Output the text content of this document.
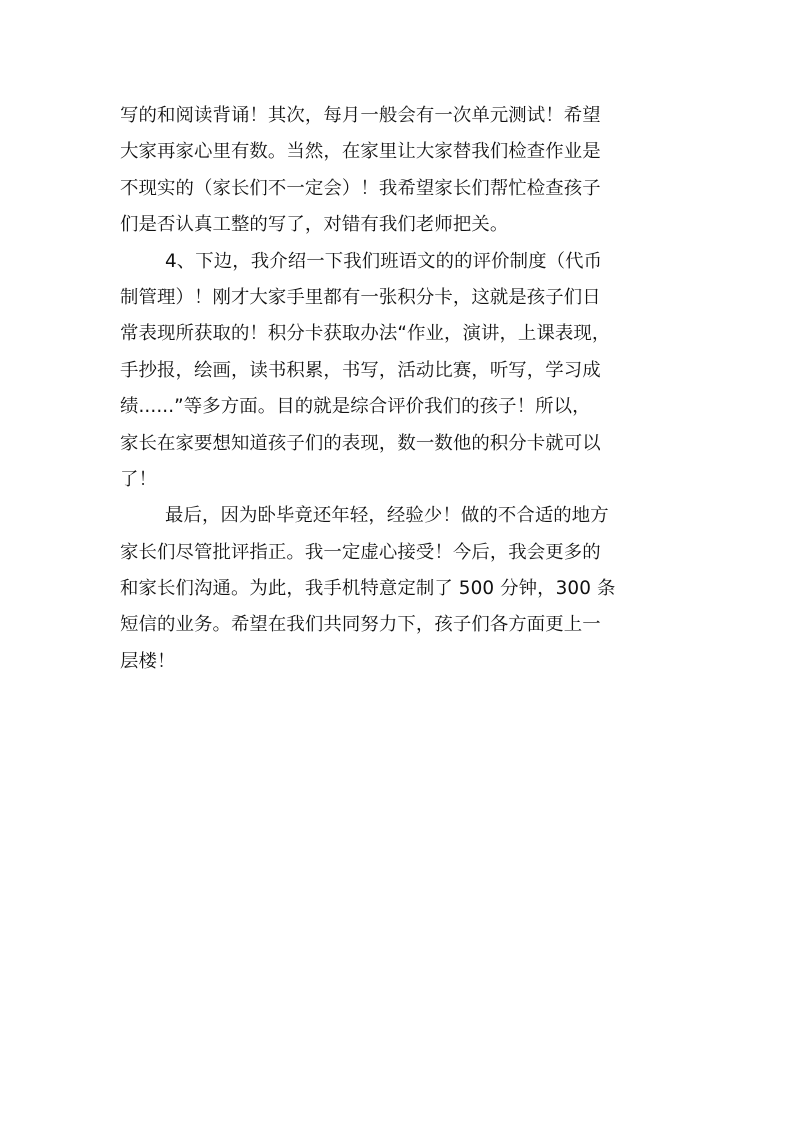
写的和阅读背诵！其次，每月一般会有一次单元测试！希望
大家再家心里有数。当然，在家里让大家替我们检查作业是
不现实的（家长们不一定会）！我希望家长们帮忙检查孩子
们是否认真工整的写了，对错有我们老师把关。
4、下边，我介绍一下我们班语文的的评价制度（代币
制管理）！刚才大家手里都有一张积分卡，这就是孩子们日
常表现所获取的！积分卡获取办法“作业，演讲，上课表现，
手抄报，绘画，读书积累，书写，活动比赛，听写，学习成
绩......”等多方面。目的就是综合评价我们的孩子！所以，
家长在家要想知道孩子们的表现，数一数他的积分卡就可以
了！
最后，因为卧毕竟还年轻，经验少！做的不合适的地方
家长们尽管批评指正。我一定虚心接受！今后，我会更多的
和家长们沟通。为此，我手机特意定制了 500 分钟，300 条
短信的业务。希望在我们共同努力下，孩子们各方面更上一
层楼！
